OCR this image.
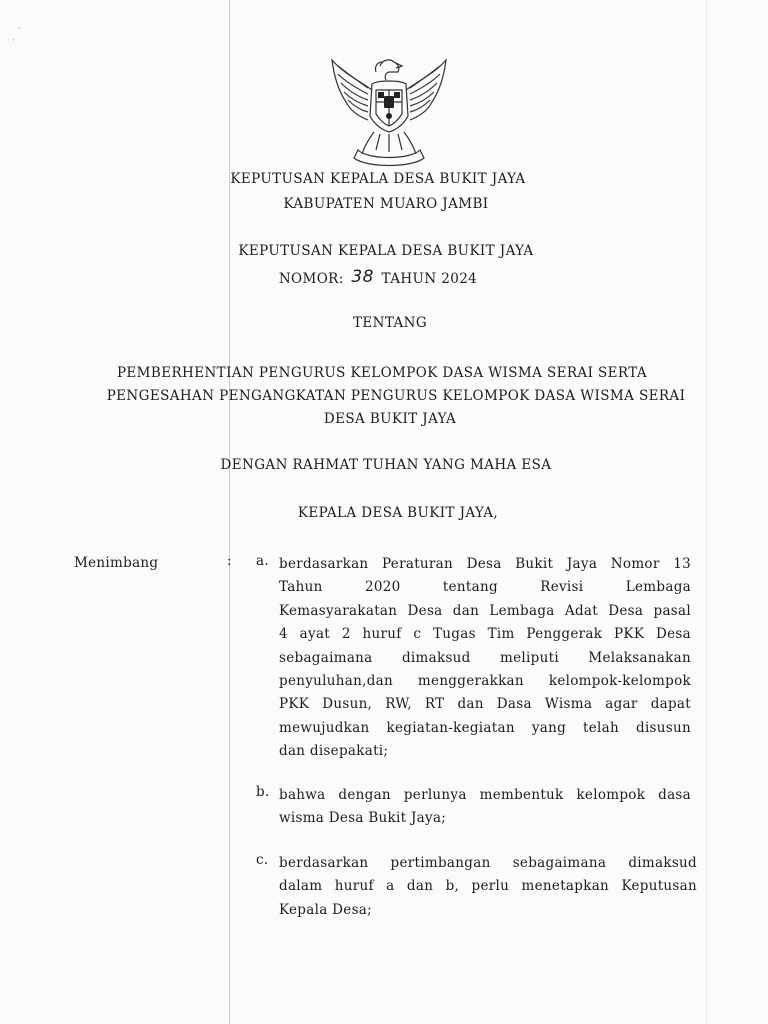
·
·
KEPUTUSAN KEPALA DESA BUKIT JAYA
KABUPATEN MUARO JAMBI
KEPUTUSAN KEPALA DESA BUKIT JAYA
NOMOR: 38 TAHUN 2024
TENTANG
PEMBERHENTIAN PENGURUS KELOMPOK DASA WISMA SERAI SERTA
PENGESAHAN PENGANGKATAN PENGURUS KELOMPOK DASA WISMA SERAI
DESA BUKIT JAYA
DENGAN RAHMAT TUHAN YANG MAHA ESA
KEPALA DESA BUKIT JAYA,
Menimbang	: a. berdasarkan Peraturan Desa Bukit Jaya Nomor 13
Tahun 2020 tentang Revisi Lembaga
Kemasyarakatan Desa dan Lembaga Adat Desa pasal
4 ayat 2 huruf c Tugas Tim Penggerak PKK Desa
sebagaimana dimaksud meliputi Melaksanakan
penyuluhan,dan menggerakkan kelompok-kelompok
PKK Dusun, RW, RT dan Dasa Wisma agar dapat
mewujudkan kegiatan-kegiatan yang telah disusun
dan disepakati;
b. bahwa dengan perlunya membentuk kelompok dasa
wisma Desa Bukit Jaya;
c. berdasarkan pertimbangan sebagaimana dimaksud
dalam huruf a dan b, perlu menetapkan Keputusan
Kepala Desa;
